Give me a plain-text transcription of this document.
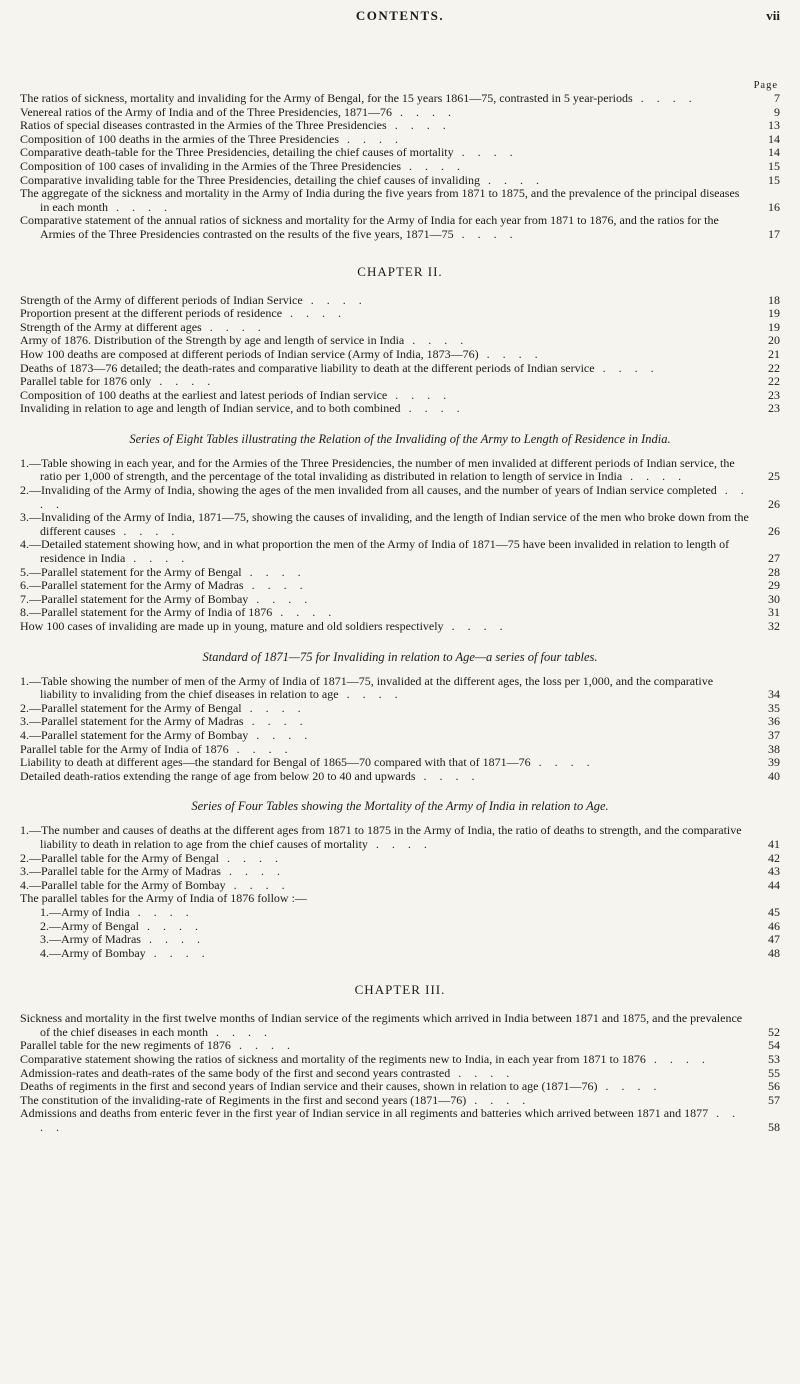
CONTENTS.	vii
Page
The ratios of sickness, mortality and invaliding for the Army of Bengal, for the 15 years 1861—75, contrasted in 5 year-periods . . . .	7
Venereal ratios of the Army of India and of the Three Presidencies, 1871—76 . . . .	9
Ratios of special diseases contrasted in the Armies of the Three Presidencies . . . .	13
Composition of 100 deaths in the armies of the Three Presidencies . . . .	14
Comparative death-table for the Three Presidencies, detailing the chief causes of mortality . . . .	14
Composition of 100 cases of invaliding in the Armies of the Three Presidencies . . . .	15
Comparative invaliding table for the Three Presidencies, detailing the chief causes of invaliding . . . .	15
The aggregate of the sickness and mortality in the Army of India during the five years from 1871 to 1875, and the prevalence of the principal diseases in each month . . . .	16
Comparative statement of the annual ratios of sickness and mortality for the Army of India for each year from 1871 to 1876, and the ratios for the Armies of the Three Presidencies contrasted on the results of the five years, 1871—75 . . . .	17
CHAPTER II.
Strength of the Army of different periods of Indian Service . . . .	18
Proportion present at the different periods of residence . . . .	19
Strength of the Army at different ages . . . .	19
Army of 1876. Distribution of the Strength by age and length of service in India . . . .	20
How 100 deaths are composed at different periods of Indian service (Army of India, 1873—76) . . . .	21
Deaths of 1873—76 detailed; the death-rates and comparative liability to death at the different periods of Indian service . . . .	22
Parallel table for 1876 only . . . .	22
Composition of 100 deaths at the earliest and latest periods of Indian service . . . .	23
Invaliding in relation to age and length of Indian service, and to both combined . . . .	23
Series of Eight Tables illustrating the Relation of the Invaliding of the Army to Length of Residence in India.
1.—Table showing in each year, and for the Armies of the Three Presidencies, the number of men invalided at different periods of Indian service, the ratio per 1,000 of strength, and the percentage of the total invaliding as distributed in relation to length of service in India . . . .	25
2.—Invaliding of the Army of India, showing the ages of the men invalided from all causes, and the number of years of Indian service completed . . . .	26
3.—Invaliding of the Army of India, 1871—75, showing the causes of invaliding, and the length of Indian service of the men who broke down from the different causes . . . .	26
4.—Detailed statement showing how, and in what proportion the men of the Army of India of 1871—75 have been invalided in relation to length of residence in India . . . .	27
5.—Parallel statement for the Army of Bengal . . . .	28
6.—Parallel statement for the Army of Madras . . . .	29
7.—Parallel statement for the Army of Bombay . . . .	30
8.—Parallel statement for the Army of India of 1876 . . . .	31
How 100 cases of invaliding are made up in young, mature and old soldiers respectively . . . .	32
Standard of 1871—75 for Invaliding in relation to Age—a series of four tables.
1.—Table showing the number of men of the Army of India of 1871—75, invalided at the different ages, the loss per 1,000, and the comparative liability to invaliding from the chief diseases in relation to age . . . .	34
2.—Parallel statement for the Army of Bengal . . . .	35
3.—Parallel statement for the Army of Madras . . . .	36
4.—Parallel statement for the Army of Bombay . . . .	37
Parallel table for the Army of India of 1876 . . . .	38
Liability to death at different ages—the standard for Bengal of 1865—70 compared with that of 1871—76 . . . .	39
Detailed death-ratios extending the range of age from below 20 to 40 and upwards . . . .	40
Series of Four Tables showing the Mortality of the Army of India in relation to Age.
1.—The number and causes of deaths at the different ages from 1871 to 1875 in the Army of India, the ratio of deaths to strength, and the comparative liability to death in relation to age from the chief causes of mortality . . . .	41
2.—Parallel table for the Army of Bengal . . . .	42
3.—Parallel table for the Army of Madras . . . .	43
4.—Parallel table for the Army of Bombay . . . .	44
The parallel tables for the Army of India of 1876 follow :—
1.—Army of India . . . .	45
2.—Army of Bengal . . . .	46
3.—Army of Madras . . . .	47
4.—Army of Bombay . . . .	48
CHAPTER III.
Sickness and mortality in the first twelve months of Indian service of the regiments which arrived in India between 1871 and 1875, and the prevalence of the chief diseases in each month . . . .	52
Parallel table for the new regiments of 1876 . . . .	54
Comparative statement showing the ratios of sickness and mortality of the regiments new to India, in each year from 1871 to 1876 . . . .	53
Admission-rates and death-rates of the same body of the first and second years contrasted . . . .	55
Deaths of regiments in the first and second years of Indian service and their causes, shown in relation to age (1871—76) . . . .	56
The constitution of the invaliding-rate of Regiments in the first and second years (1871—76) . . . .	57
Admissions and deaths from enteric fever in the first year of Indian service in all regiments and batteries which arrived between 1871 and 1877 . . . .	58
